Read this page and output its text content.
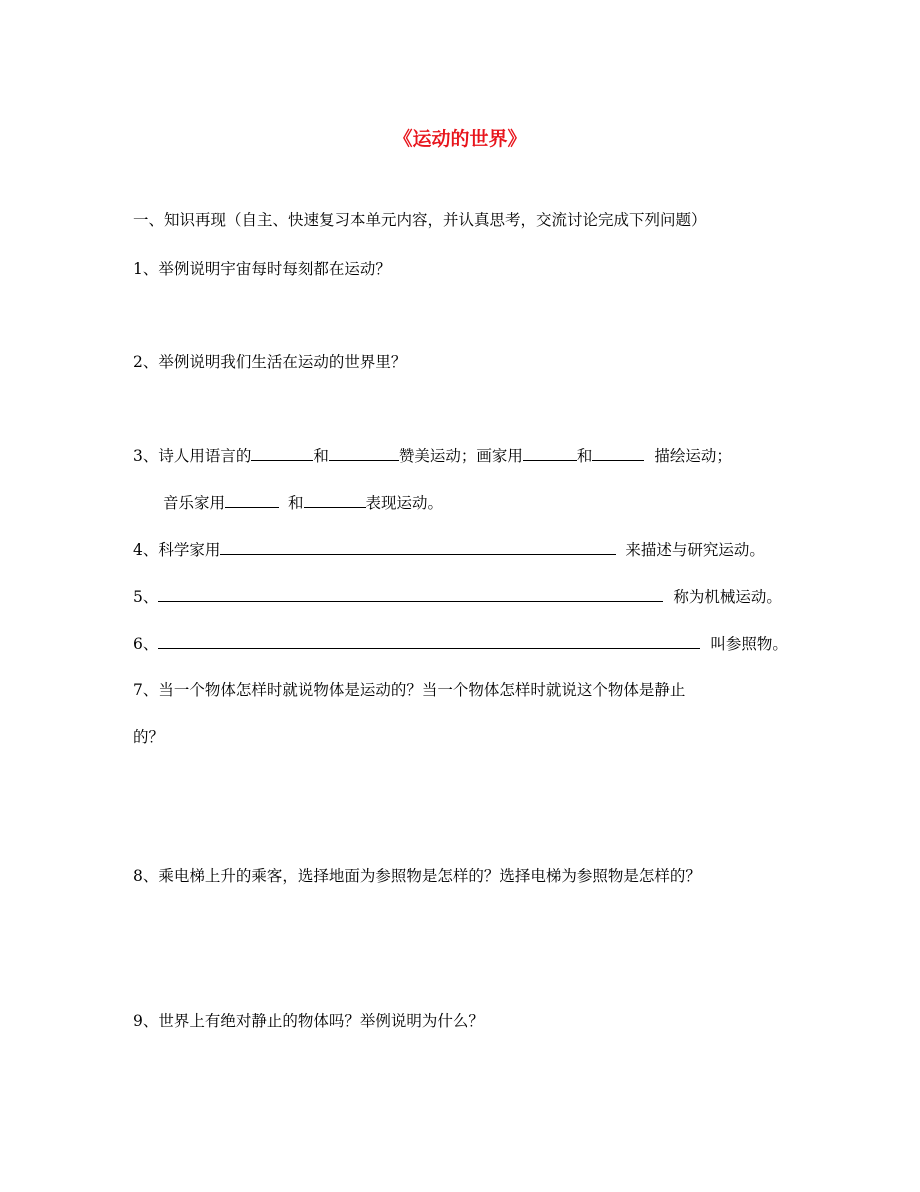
《运动的世界》
一、知识再现（自主、快速复习本单元内容，并认真思考，交流讨论完成下列问题）
1、举例说明宇宙每时每刻都在运动？
2、举例说明我们生活在运动的世界里？
3、诗人用语言的	和	赞美运动；画家用	和	描绘运动；
音乐家用	和	表现运动。
4、科学家用	来描述与研究运动。
5、	称为机械运动。
6、	叫参照物。
7、当一个物体怎样时就说物体是运动的？当一个物体怎样时就说这个物体是静止
的？
8、乘电梯上升的乘客，选择地面为参照物是怎样的？选择电梯为参照物是怎样的？
9、世界上有绝对静止的物体吗？举例说明为什么？
